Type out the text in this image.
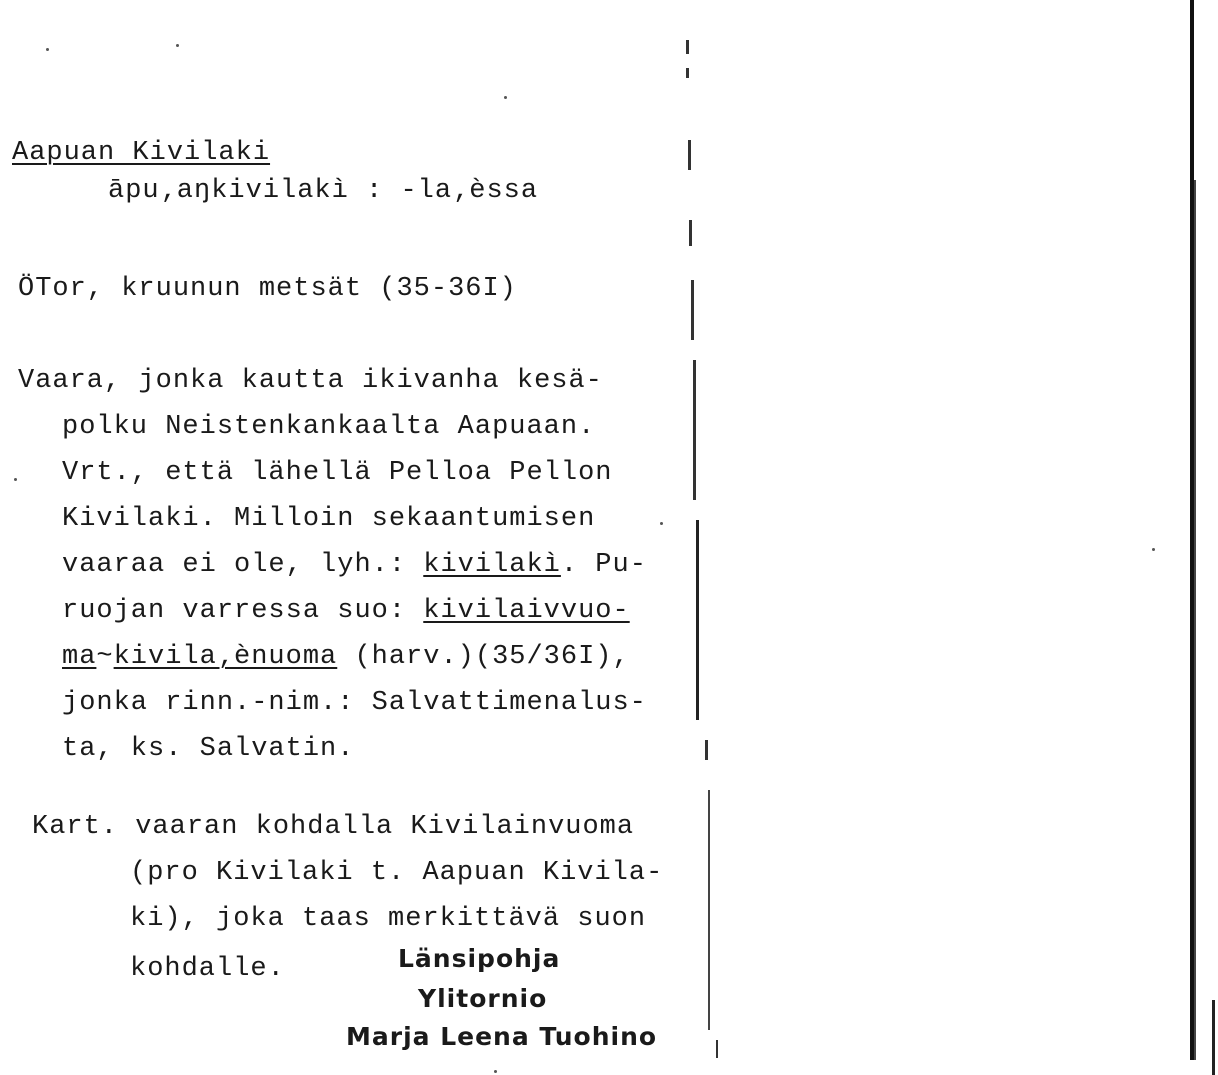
Aapuan Kivilaki
āpu‚aŋkivilakì : -la‚èssa
ÖTor, kruunun metsät (35-36I)
Vaara, jonka kautta ikivanha kesä-
polku Neistenkankaalta Aapuaan.
Vrt., että lähellä Pelloa Pellon
Kivilaki. Milloin sekaantumisen
vaaraa ei ole, lyh.: kivilakì. Pu-
ruojan varressa suo: kivilaivvuo-
ma~kivila‚ènuoma (harv.)(35/36I),
jonka rinn.-nim.: Salvattimenalus-
ta, ks. Salvatin.
Kart. vaaran kohdalla Kivilainvuoma
(pro Kivilaki t. Aapuan Kivila-
ki), joka taas merkittävä suon
kohdalle.	Länsipohja
Ylitornio
Marja Leena Tuohino
